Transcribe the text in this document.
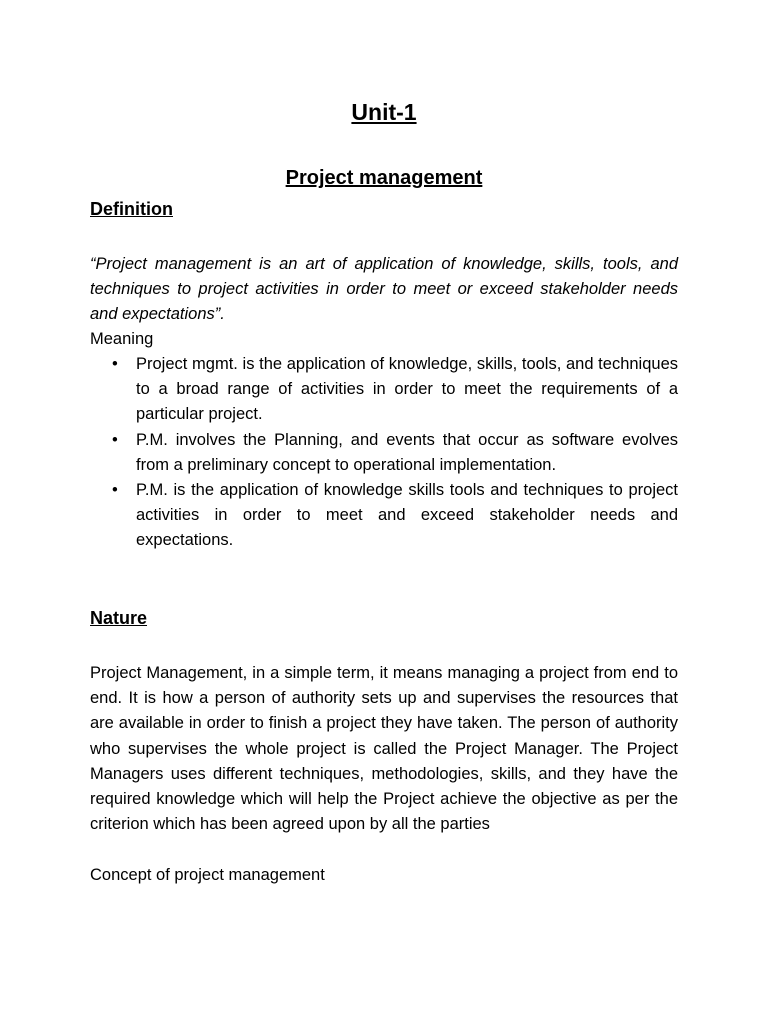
Unit-1
Project management
Definition

“Project management is an art of application of knowledge, skills, tools, and techniques to project activities in order to meet or exceed stakeholder needs and expectations”.

Meaning

• Project mgmt. is the application of knowledge, skills, tools, and techniques to a broad range of activities in order to meet the requirements of a particular project.
• P.M. involves the Planning, and events that occur as software evolves from a preliminary concept to operational implementation.
• P.M. is the application of knowledge skills tools and techniques to project activities in order to meet and exceed stakeholder needs and expectations.
Nature

Project Management, in a simple term, it means managing a project from end to end. It is how a person of authority sets up and supervises the resources that are available in order to finish a project they have taken. The person of authority who supervises the whole project is called the Project Manager. The Project Managers uses different techniques, methodologies, skills, and they have the required knowledge which will help the Project achieve the objective as per the criterion which has been agreed upon by all the parties

Concept of project management
